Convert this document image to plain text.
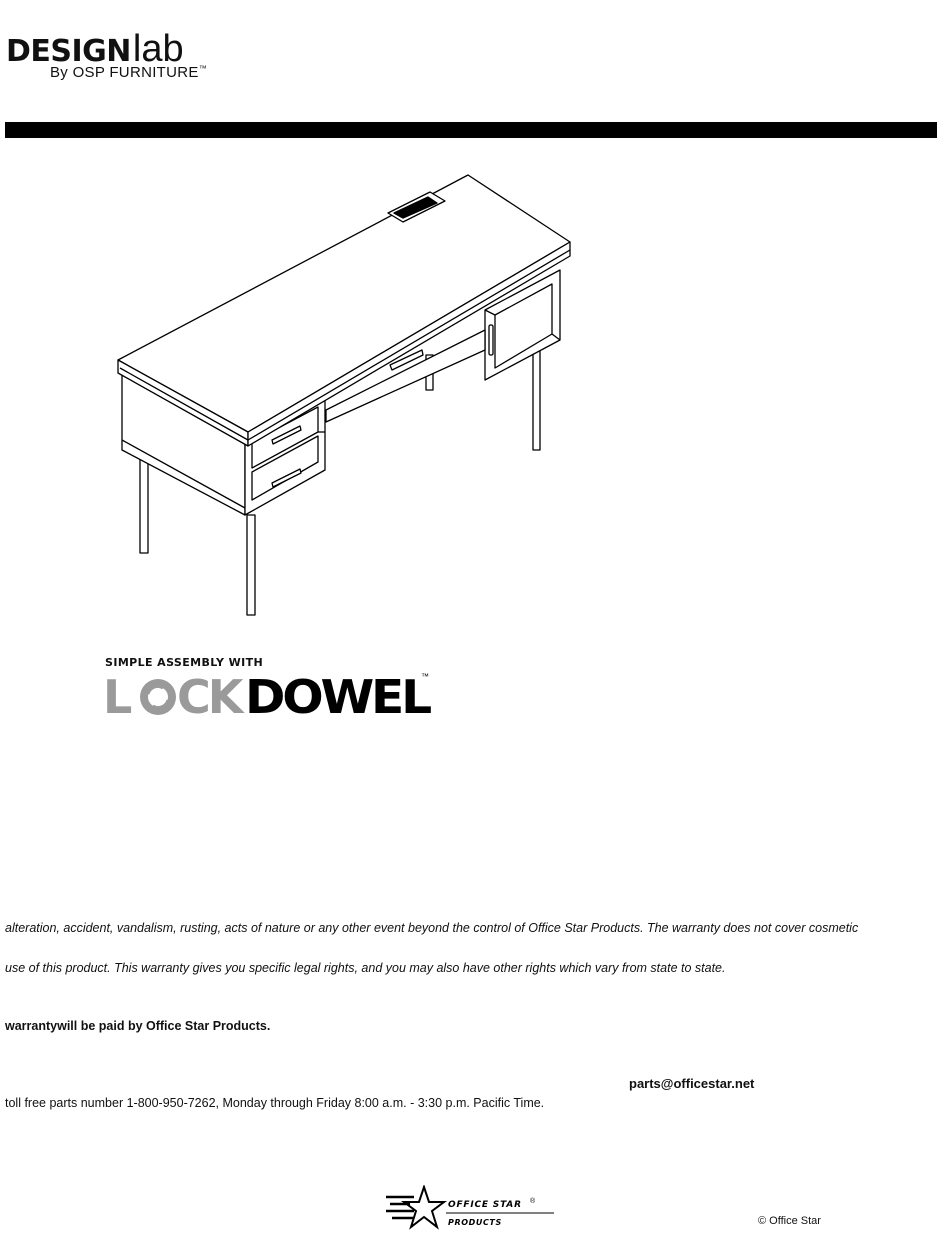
DESIGNlab
By OSP FURNITURE™
SIMPLE ASSEMBLY WITH
L CK DOWEL
™
alteration, accident, vandalism, rusting, acts of nature or any other event beyond the control of Office Star Products. The warranty does not cover cosmetic
use of this product. This warranty gives you specific legal rights, and you may also have other rights which vary from state to state.
warrantywill be paid by Office Star Products.
parts@officestar.net
toll free parts number 1-800-950-7262, Monday through Friday 8:00 a.m. - 3:30 p.m. Pacific Time.
OFFICE STAR ®
PRODUCTS	© Office Star
